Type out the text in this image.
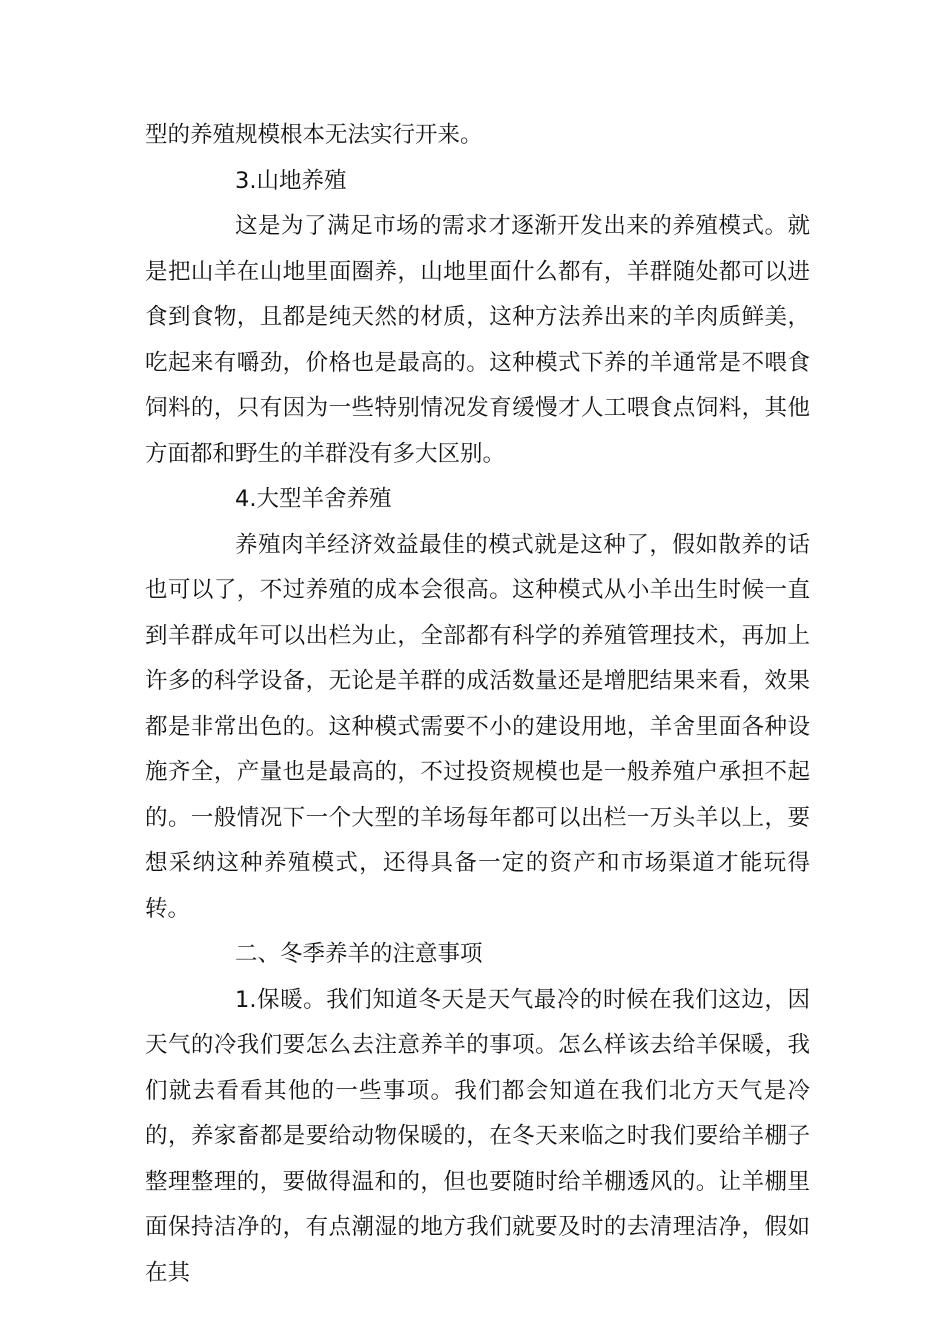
型的养殖规模根本无法实行开来。

3.山地养殖

这是为了满足市场的需求才逐渐开发出来的养殖模式。就是把山羊在山地里面圈养，山地里面什么都有，羊群随处都可以进食到食物，且都是纯天然的材质，这种方法养出来的羊肉质鲜美，吃起来有嚼劲，价格也是最高的。这种模式下养的羊通常是不喂食饲料的，只有因为一些特别情况发育缓慢才人工喂食点饲料，其他方面都和野生的羊群没有多大区别。

4.大型羊舍养殖

养殖肉羊经济效益最佳的模式就是这种了，假如散养的话也可以了，不过养殖的成本会很高。这种模式从小羊出生时候一直到羊群成年可以出栏为止，全部都有科学的养殖管理技术，再加上许多的科学设备，无论是羊群的成活数量还是增肥结果来看，效果都是非常出色的。这种模式需要不小的建设用地，羊舍里面各种设施齐全，产量也是最高的，不过投资规模也是一般养殖户承担不起的。一般情况下一个大型的羊场每年都可以出栏一万头羊以上，要想采纳这种养殖模式，还得具备一定的资产和市场渠道才能玩得转。

二、冬季养羊的注意事项

1.保暖。我们知道冬天是天气最冷的时候在我们这边，因天气的冷我们要怎么去注意养羊的事项。怎么样该去给羊保暖，我们就去看看其他的一些事项。我们都会知道在我们北方天气是冷的，养家畜都是要给动物保暖的，在冬天来临之时我们要给羊棚子整理整理的，要做得温和的，但也要随时给羊棚透风的。让羊棚里面保持洁净的，有点潮湿的地方我们就要及时的去清理洁净，假如在其
